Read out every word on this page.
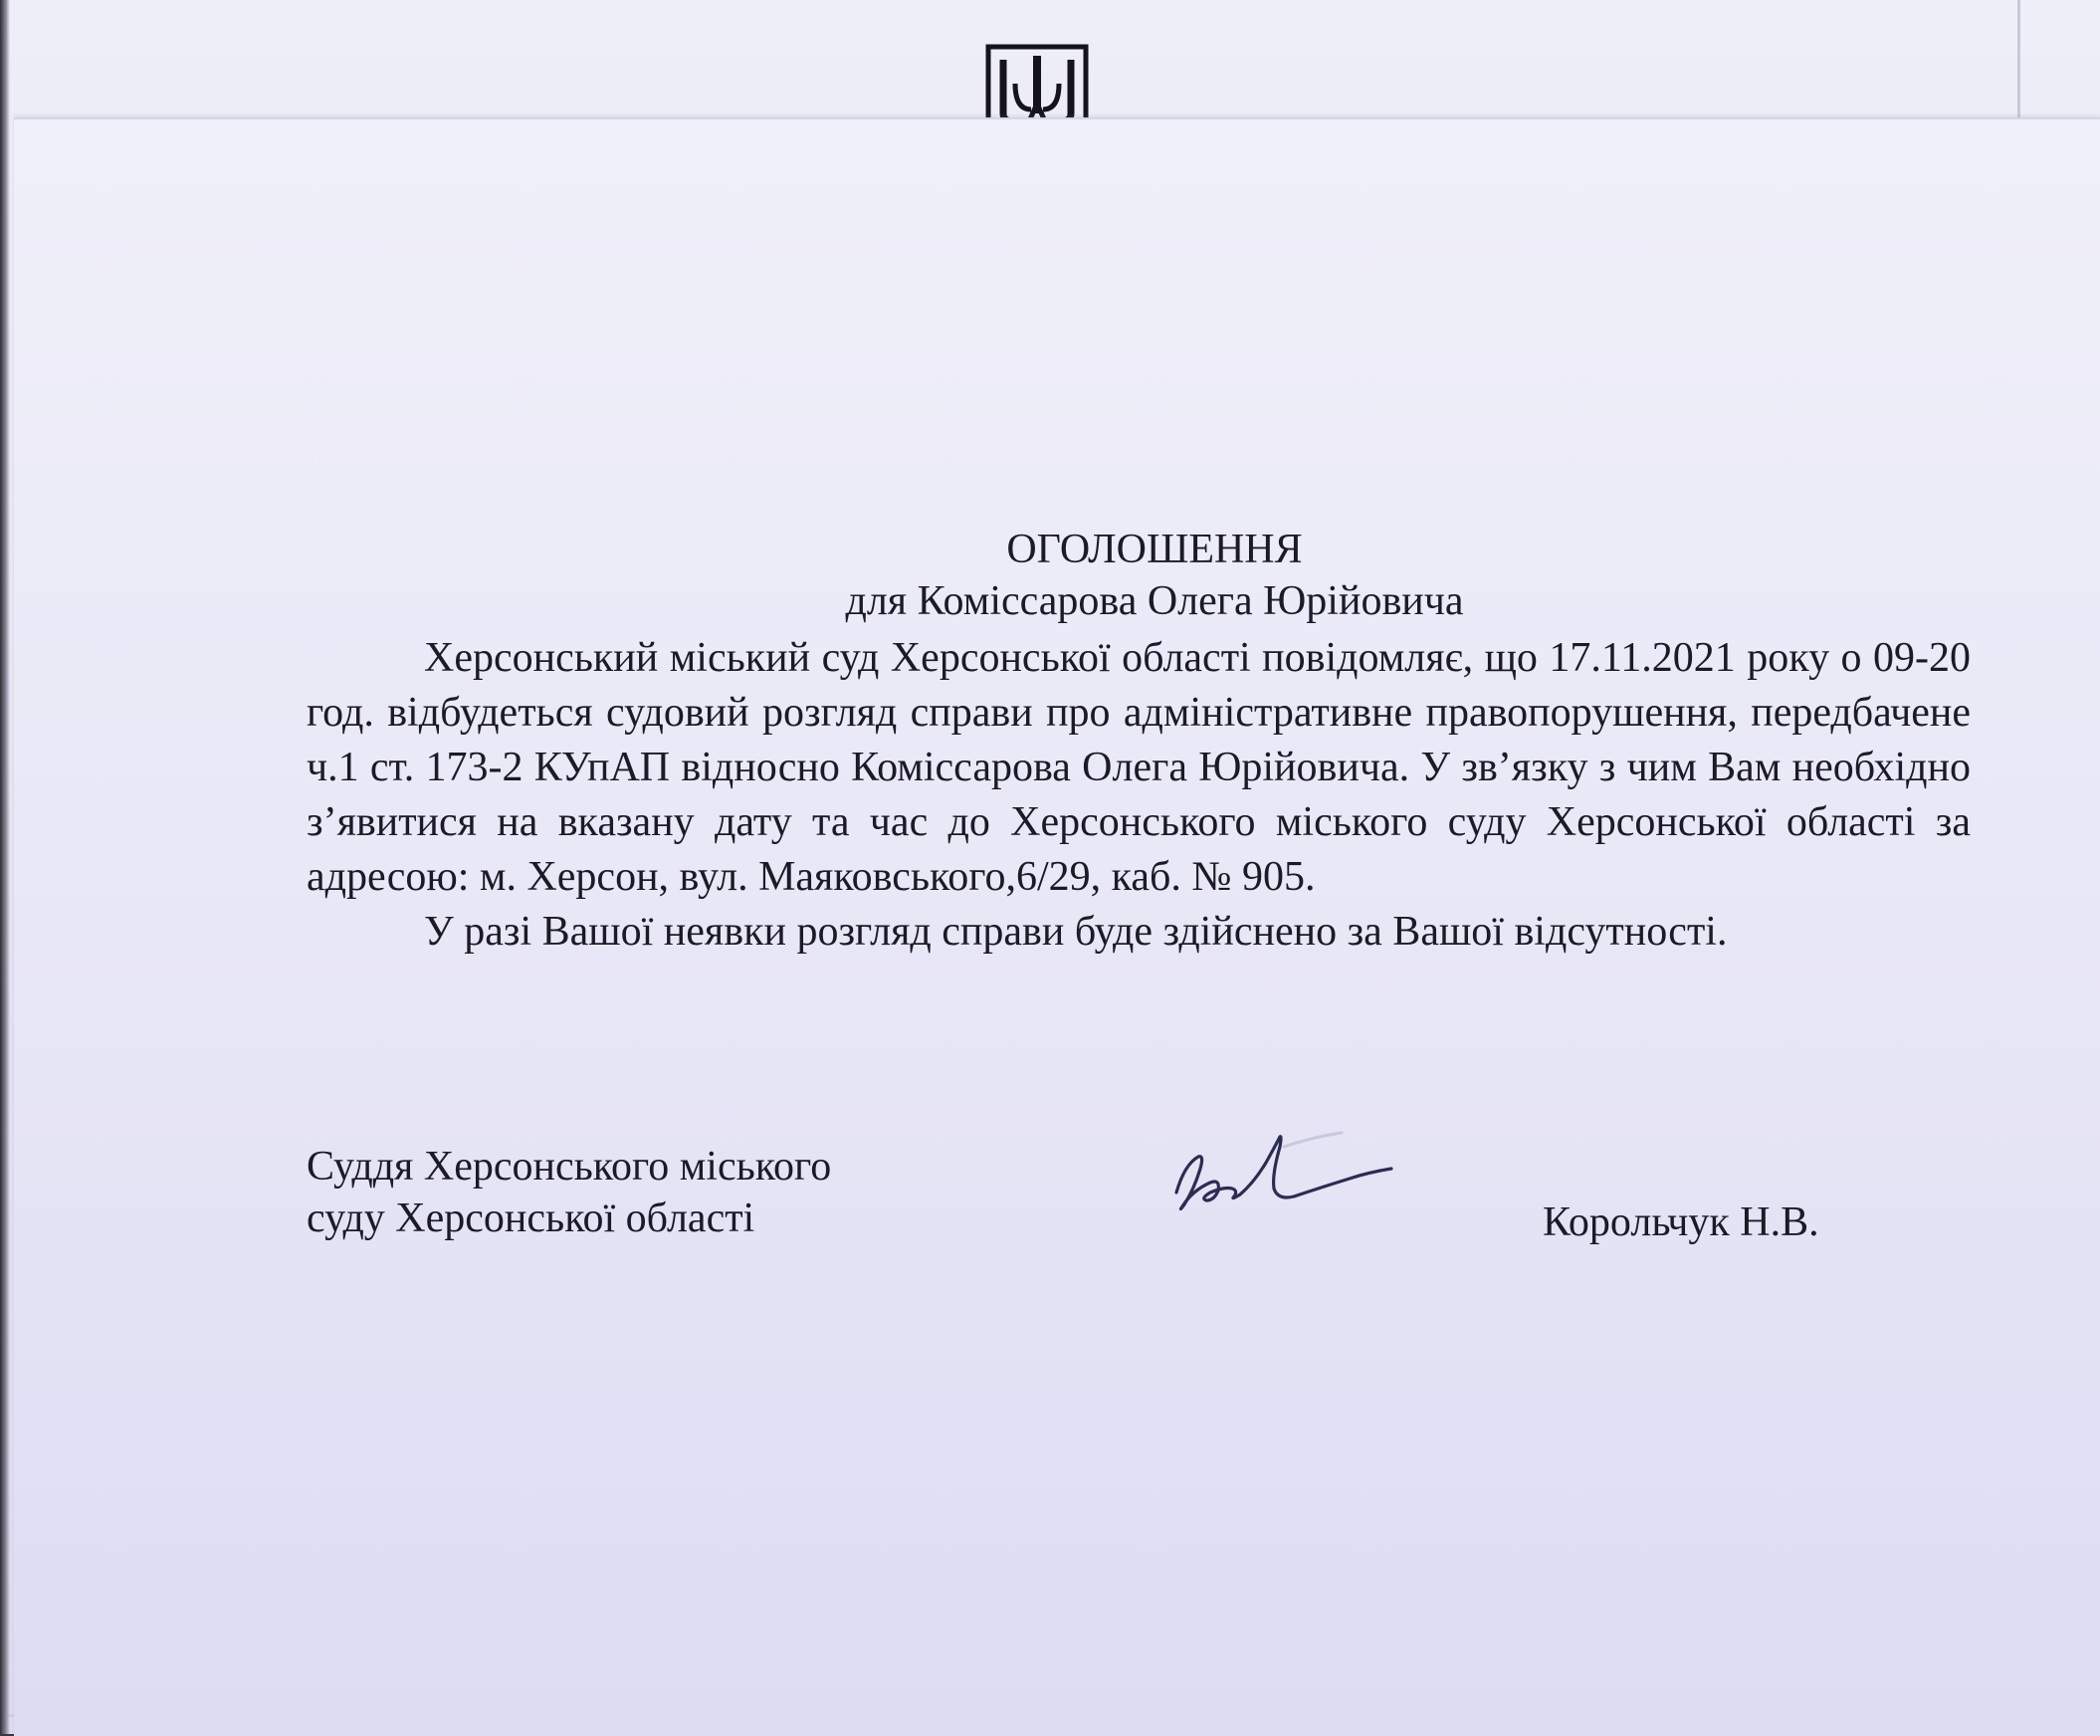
ОГОЛОШЕННЯ
для Коміссарова Олега Юрійовича

Херсонський міський суд Херсонської області повідомляє, що 17.11.2021 року о 09-20 год. відбудеться судовий розгляд справи про адміністративне правопорушення, передбачене ч.1 ст. 173-2 КУпАП відносно Коміссарова Олега Юрійовича. У зв’язку з чим Вам необхідно з’явитися на вказану дату та час до Херсонського міського суду Херсонської області за адресою: м. Херсон, вул. Маяковського,6/29, каб. № 905.

У разі Вашої неявки розгляд справи буде здійснено за Вашої відсутності.

Суддя Херсонського міського
суду Херсонської області	Корольчук Н.В.
